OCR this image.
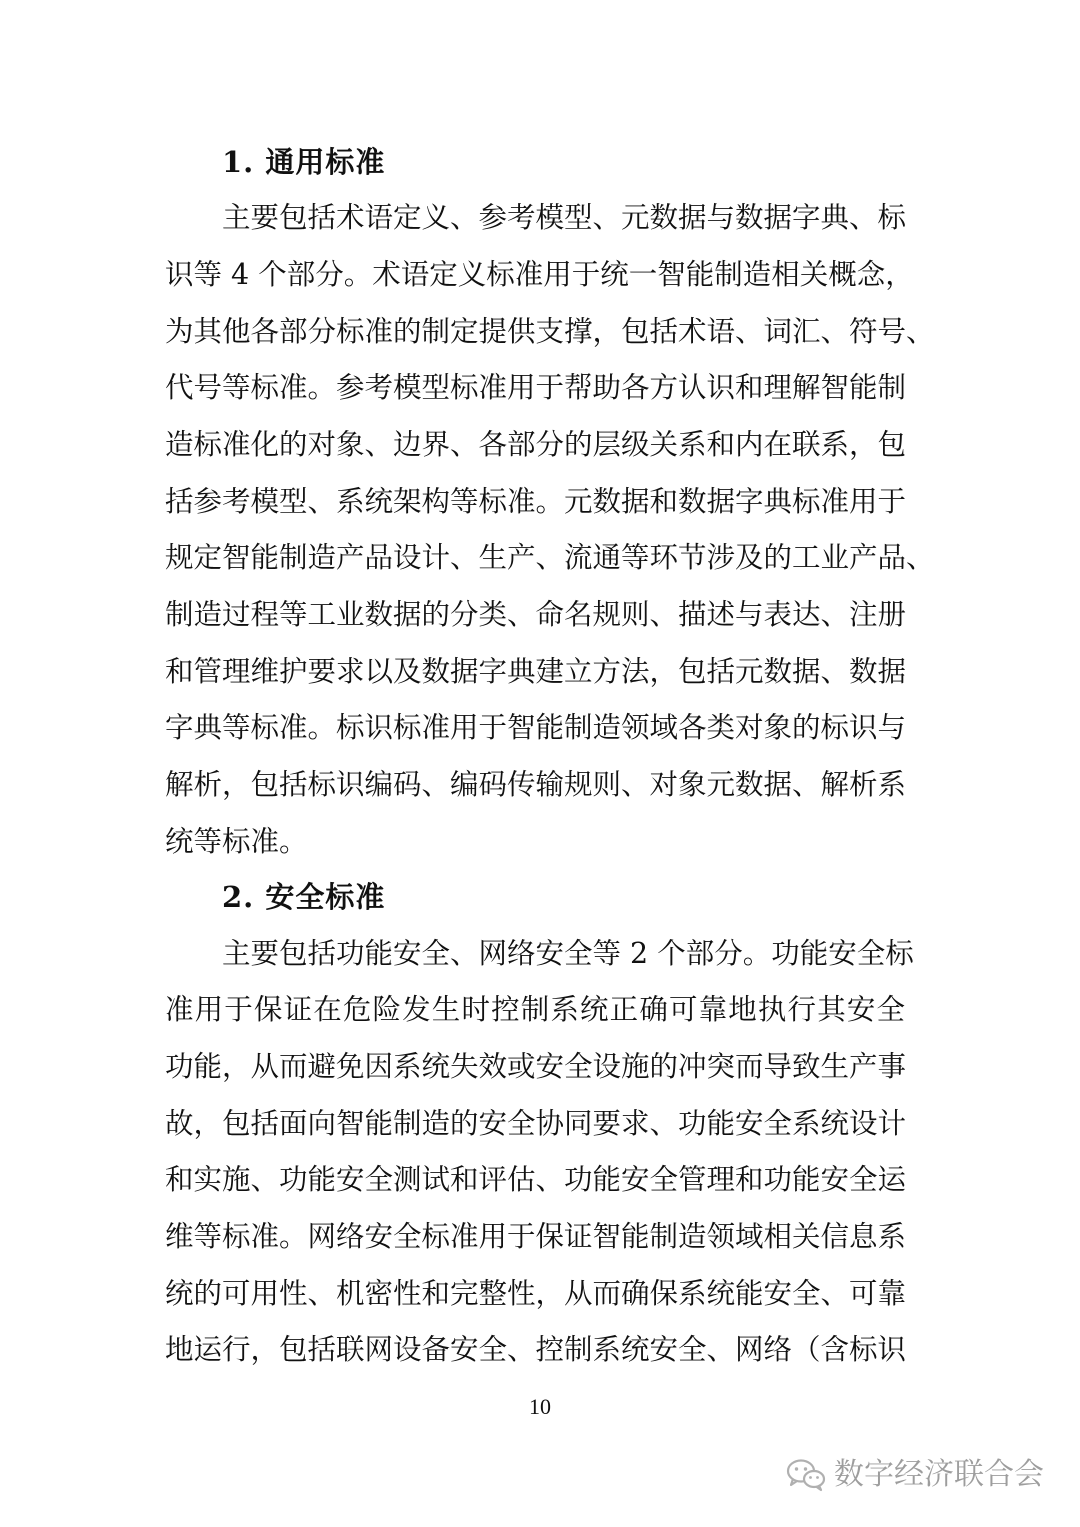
1. 通用标准
主要包括术语定义、参考模型、元数据与数据字典、标
识等 4 个部分。术语定义标准用于统一智能制造相关概念，
为其他各部分标准的制定提供支撑，包括术语、词汇、符号、
代号等标准。参考模型标准用于帮助各方认识和理解智能制
造标准化的对象、边界、各部分的层级关系和内在联系，包
括参考模型、系统架构等标准。元数据和数据字典标准用于
规定智能制造产品设计、生产、流通等环节涉及的工业产品、
制造过程等工业数据的分类、命名规则、描述与表达、注册
和管理维护要求以及数据字典建立方法，包括元数据、数据
字典等标准。标识标准用于智能制造领域各类对象的标识与
解析，包括标识编码、编码传输规则、对象元数据、解析系
统等标准。
2. 安全标准
主要包括功能安全、网络安全等 2 个部分。功能安全标
准用于保证在危险发生时控制系统正确可靠地执行其安全
功能，从而避免因系统失效或安全设施的冲突而导致生产事
故，包括面向智能制造的安全协同要求、功能安全系统设计
和实施、功能安全测试和评估、功能安全管理和功能安全运
维等标准。网络安全标准用于保证智能制造领域相关信息系
统的可用性、机密性和完整性，从而确保系统能安全、可靠
地运行，包括联网设备安全、控制系统安全、网络（含标识
10
数字经济联合会
